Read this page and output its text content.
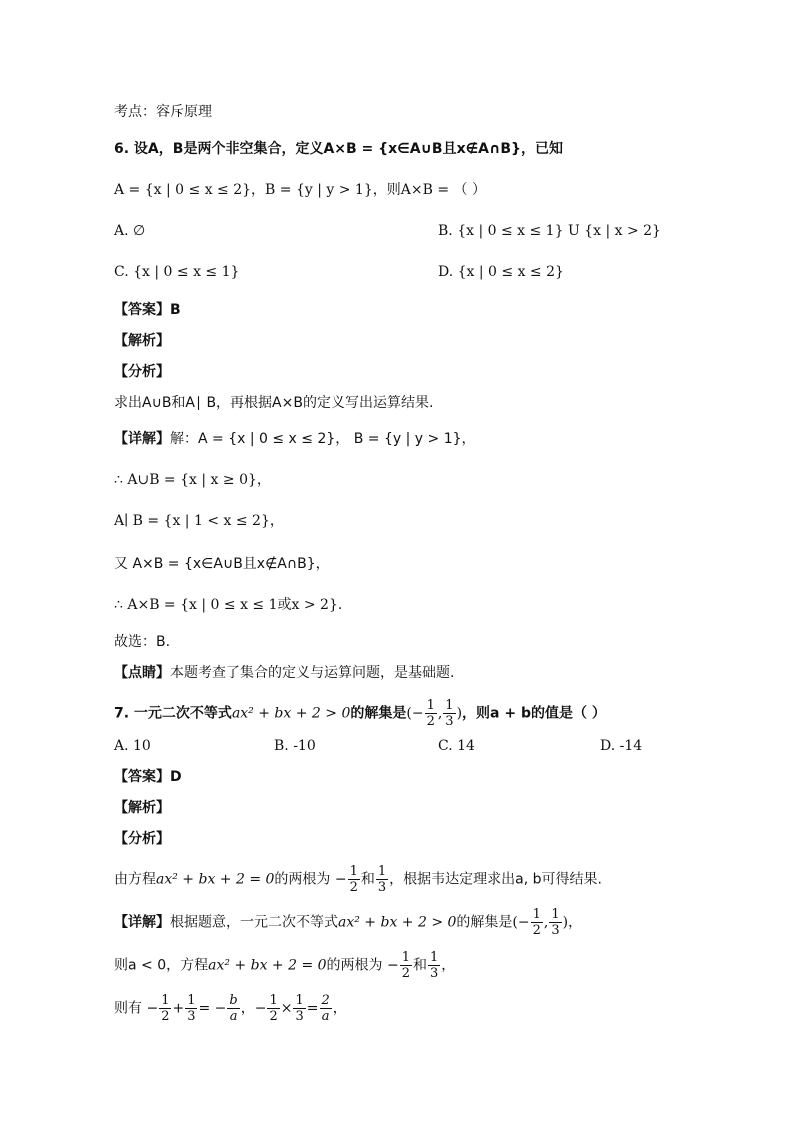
考点：容斥原理
6. 设A，B是两个非空集合，定义A×B = {x∈A∪B且x∉A∩B}，已知
A = {x | 0 ≤ x ≤ 2}，B = {y | y > 1}，则A×B = （ ）
A. ∅	B. {x | 0 ≤ x ≤ 1} U {x | x > 2}
C. {x | 0 ≤ x ≤ 1}	D. {x | 0 ≤ x ≤ 2}
【答案】B
【解析】
【分析】
求出A∪B和A∣ B，再根据A×B的定义写出运算结果.
【详解】解：A = {x | 0 ≤ x ≤ 2}， B = {y | y > 1}，
∴ A∪B = {x | x ≥ 0}，
A∣ B = {x | 1 < x ≤ 2}，
又 A×B = {x∈A∪B且x∉A∩B}，
∴ A×B = {x | 0 ≤ x ≤ 1或x > 2}.
故选：B.
【点睛】本题考查了集合的定义与运算问题，是基础题.
7. 一元二次不等式ax² + bx + 2 > 0的解集是(− $\frac{1}{2}$ , $\frac{1}{3}$ )，则a + b的值是（ ）
A. 10	B. -10	C. 14	D. -14
【答案】D
【解析】
【分析】
由方程ax² + bx + 2 = 0的两根为 − $\frac{1}{2}$ 和 $\frac{1}{3}$ ，根据韦达定理求出a, b可得结果.
【详解】根据题意，一元二次不等式ax² + bx + 2 > 0的解集是(− $\frac{1}{2}$ , $\frac{1}{3}$ )，
则a < 0，方程ax² + bx + 2 = 0的两根为 − $\frac{1}{2}$ 和 $\frac{1}{3}$ ，
则有 − $\frac{1}{2} + \frac{1}{3}$ = − $\frac{b}{a}$ ，− $\frac{1}{2} \times \frac{1}{3} = \frac{2}{a}$ ，
